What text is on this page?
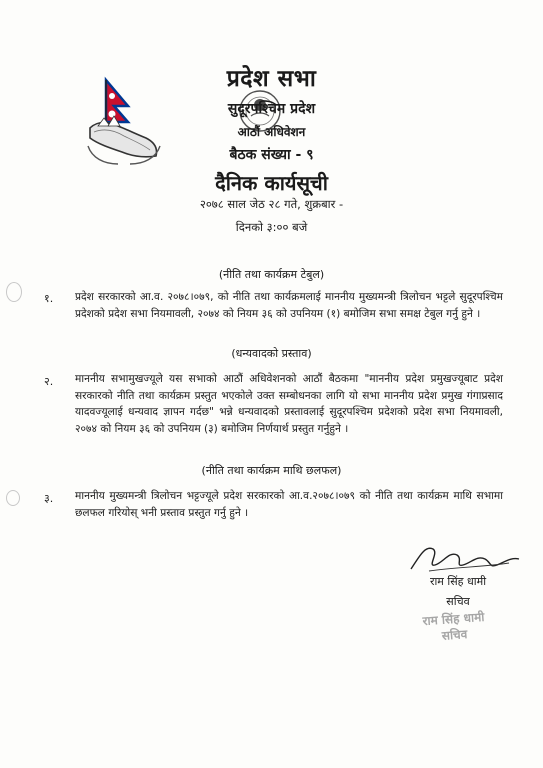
प्रदेश सभा
सुदूरपश्चिम प्रदेश
आठौं अधिवेशन
बैठक संख्या - ९
दैनिक कार्यसूची
२०७८ साल जेठ २८ गते, शुक्रबार -
दिनको ३:०० बजे
(नीति तथा कार्यक्रम टेबुल)
१. प्रदेश सरकारको आ.व. २०७८।०७९, को नीति तथा कार्यक्रमलाई माननीय मुख्यमन्त्री त्रिलोचन भट्टले सुदूरपश्चिम प्रदेशको प्रदेश सभा नियमावली, २०७४ को नियम ३६ को उपनियम (१) बमोजिम सभा समक्ष टेबुल गर्नु हुने ।
(धन्यवादको प्रस्ताव)
२. माननीय सभामुखज्यूले यस सभाको आठौं अधिवेशनको आठौं बैठकमा "माननीय प्रदेश प्रमुखज्यूबाट प्रदेश सरकारको नीति तथा कार्यक्रम प्रस्तुत भएकोले उक्त सम्बोधनका लागि यो सभा माननीय प्रदेश प्रमुख गंगाप्रसाद यादवज्यूलाई धन्यवाद ज्ञापन गर्दछ" भन्ने धन्यवादको प्रस्तावलाई सुदूरपश्चिम प्रदेशको प्रदेश सभा नियमावली, २०७४ को नियम ३६ को उपनियम (३) बमोजिम निर्णयार्थ प्रस्तुत गर्नुहुने ।
(नीति तथा कार्यक्रम माथि छलफल)
३. माननीय मुख्यमन्त्री त्रिलोचन भट्टज्यूले प्रदेश सरकारको आ.व.२०७८।०७९ को नीति तथा कार्यक्रम माथि सभामा छलफल गरियोस् भनी प्रस्ताव प्रस्तुत गर्नु हुने ।
राम सिंह धामी
सचिव
राम सिंह धामी
सचिव
